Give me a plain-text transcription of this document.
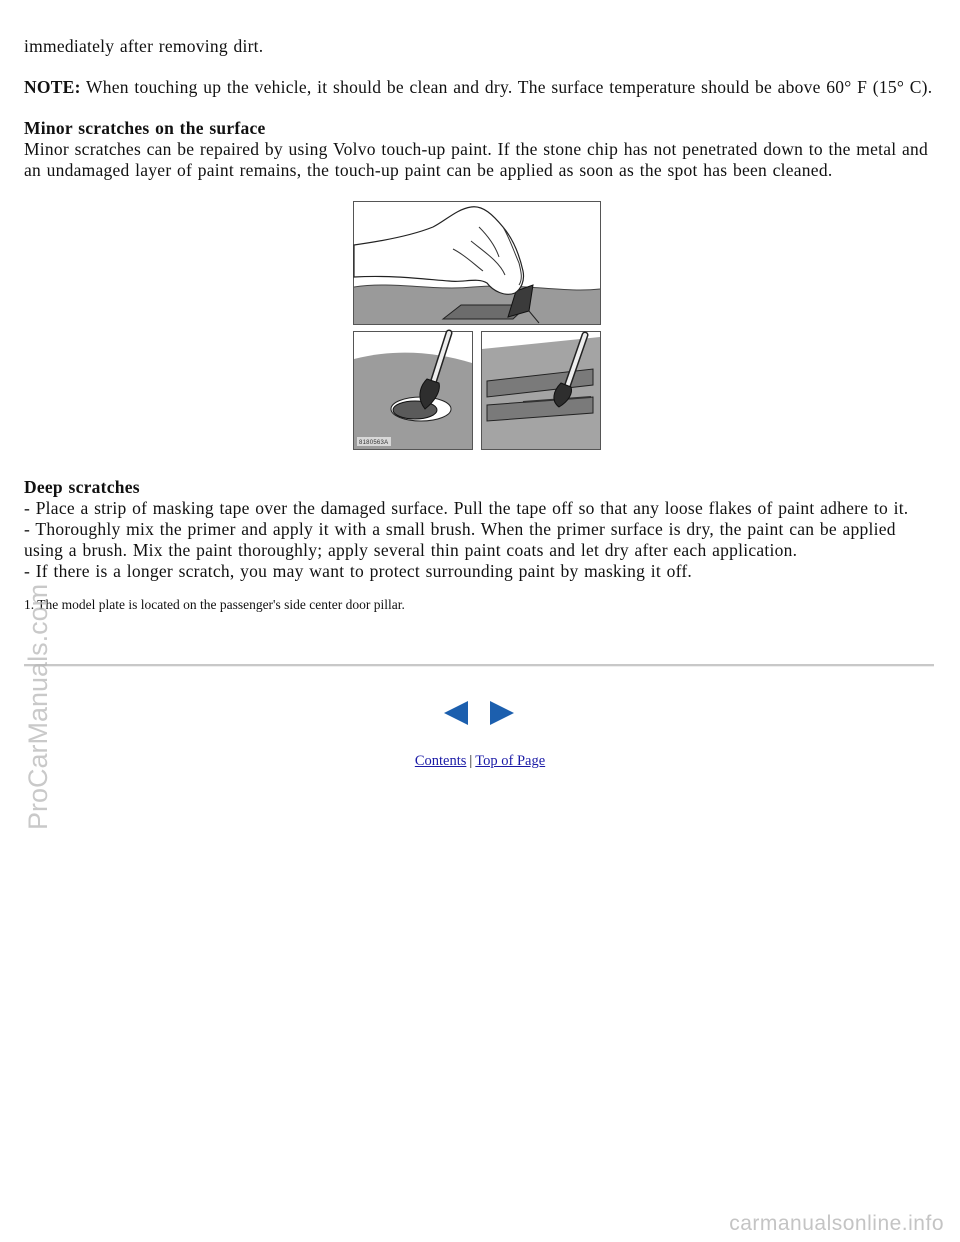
immediately after removing dirt.

NOTE: When touching up the vehicle, it should be clean and dry. The surface temperature should be above 60° F (15° C).

Minor scratches on the surface
Minor scratches can be repaired by using Volvo touch-up paint. If the stone chip has not penetrated down to the metal and an undamaged layer of paint remains, the touch-up paint can be applied as soon as the spot has been cleaned.

8180563A
Deep scratches
- Place a strip of masking tape over the damaged surface. Pull the tape off so that any loose flakes of paint adhere to it.
- Thoroughly mix the primer and apply it with a small brush. When the primer surface is dry, the paint can be applied using a brush. Mix the paint thoroughly; apply several thin paint coats and let dry after each application.
- If there is a longer scratch, you may want to protect surrounding paint by masking it off.

1. The model plate is located on the passenger's side center door pillar.

Contents | Top of Page
ProCarManuals.com
carmanualsonline.info
